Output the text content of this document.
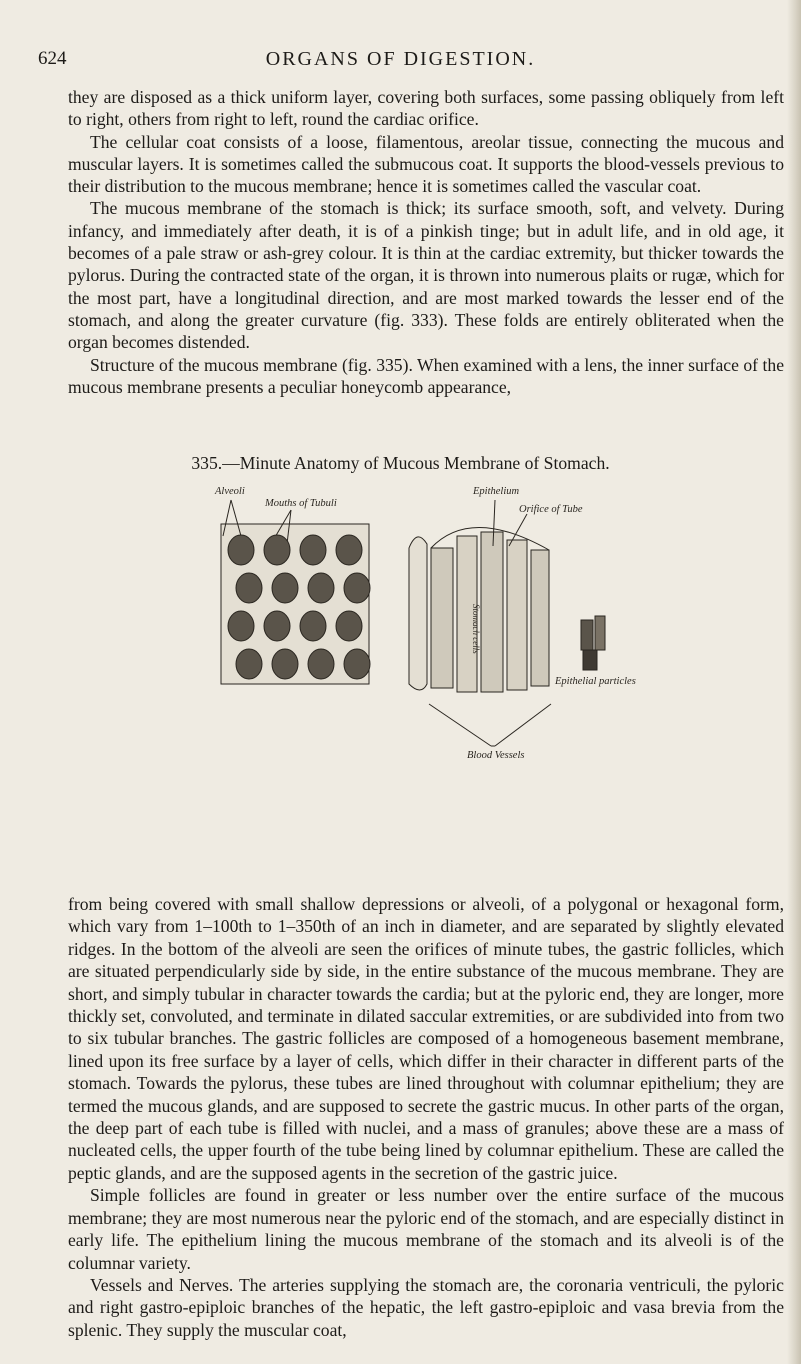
624	ORGANS OF DIGESTION.

they are disposed as a thick uniform layer, covering both surfaces, some passing obliquely from left to right, others from right to left, round the cardiac orifice.

The cellular coat consists of a loose, filamentous, areolar tissue, connecting the mucous and muscular layers. It is sometimes called the submucous coat. It supports the blood-vessels previous to their distribution to the mucous membrane; hence it is sometimes called the vascular coat.

The mucous membrane of the stomach is thick; its surface smooth, soft, and velvety. During infancy, and immediately after death, it is of a pinkish tinge; but in adult life, and in old age, it becomes of a pale straw or ash-grey colour. It is thin at the cardiac extremity, but thicker towards the pylorus. During the contracted state of the organ, it is thrown into numerous plaits or rugæ, which for the most part, have a longitudinal direction, and are most marked towards the lesser end of the stomach, and along the greater curvature (fig. 333). These folds are entirely obliterated when the organ becomes distended.

Structure of the mucous membrane (fig. 335). When examined with a lens, the inner surface of the mucous membrane presents a peculiar honeycomb appearance,

335.—Minute Anatomy of Mucous Membrane of Stomach.
Alveoli
Mouths of Tubuli
Epithelium
Orifice of Tube
Epithelial particles
Blood Vessels
Stomach cells

from being covered with small shallow depressions or alveoli, of a polygonal or hexagonal form, which vary from 1–100th to 1–350th of an inch in diameter, and are separated by slightly elevated ridges. In the bottom of the alveoli are seen the orifices of minute tubes, the gastric follicles, which are situated perpendicularly side by side, in the entire substance of the mucous membrane. They are short, and simply tubular in character towards the cardia; but at the pyloric end, they are longer, more thickly set, convoluted, and terminate in dilated saccular extremities, or are subdivided into from two to six tubular branches. The gastric follicles are composed of a homogeneous basement membrane, lined upon its free surface by a layer of cells, which differ in their character in different parts of the stomach. Towards the pylorus, these tubes are lined throughout with columnar epithelium; they are termed the mucous glands, and are supposed to secrete the gastric mucus. In other parts of the organ, the deep part of each tube is filled with nuclei, and a mass of granules; above these are a mass of nucleated cells, the upper fourth of the tube being lined by columnar epithelium. These are called the peptic glands, and are the supposed agents in the secretion of the gastric juice.

Simple follicles are found in greater or less number over the entire surface of the mucous membrane; they are most numerous near the pyloric end of the stomach, and are especially distinct in early life. The epithelium lining the mucous membrane of the stomach and its alveoli is of the columnar variety.

Vessels and Nerves. The arteries supplying the stomach are, the coronaria ventriculi, the pyloric and right gastro-epiploic branches of the hepatic, the left gastro-epiploic and vasa brevia from the splenic. They supply the muscular coat,
